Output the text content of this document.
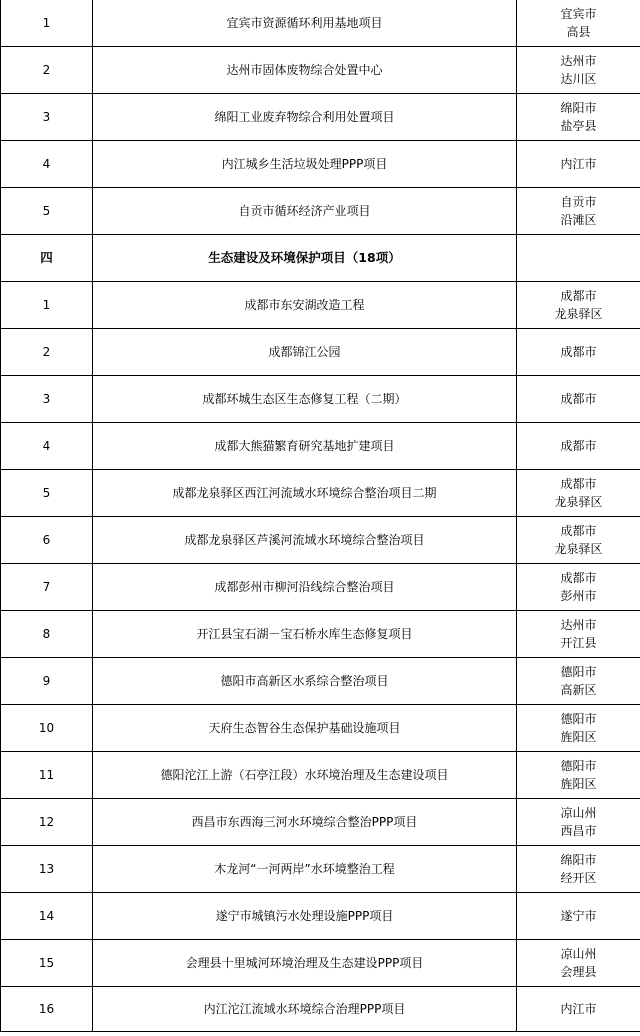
1	宜宾市资源循环利用基地项目	宜宾市
高县

2	达州市固体废物综合处置中心	达州市
达川区

3	绵阳工业废弃物综合利用处置项目	绵阳市
盐亭县

4	内江城乡生活垃圾处理PPP项目	内江市

5	自贡市循环经济产业项目	自贡市
沿滩区

四	生态建设及环境保护项目（18项）	
1	成都市东安湖改造工程	成都市
龙泉驿区

2	成都锦江公园	成都市

3	成都环城生态区生态修复工程（二期）	成都市

4	成都大熊猫繁育研究基地扩建项目	成都市

5	成都龙泉驿区西江河流域水环境综合整治项目二期	成都市
龙泉驿区

6	成都龙泉驿区芦溪河流域水环境综合整治项目	成都市
龙泉驿区

7	成都彭州市柳河沿线综合整治项目	成都市
彭州市

8	开江县宝石湖－宝石桥水库生态修复项目	达州市
开江县

9	德阳市高新区水系综合整治项目	德阳市
高新区

10	天府生态智谷生态保护基础设施项目	德阳市
旌阳区

11	德阳沱江上游（石亭江段）水环境治理及生态建设项目	德阳市
旌阳区

12	西昌市东西海三河水环境综合整治PPP项目	凉山州
西昌市

13	木龙河“一河两岸”水环境整治工程	绵阳市
经开区

14	遂宁市城镇污水处理设施PPP项目	遂宁市

15	会理县十里城河环境治理及生态建设PPP项目	凉山州
会理县

16	内江沱江流域水环境综合治理PPP项目	内江市
